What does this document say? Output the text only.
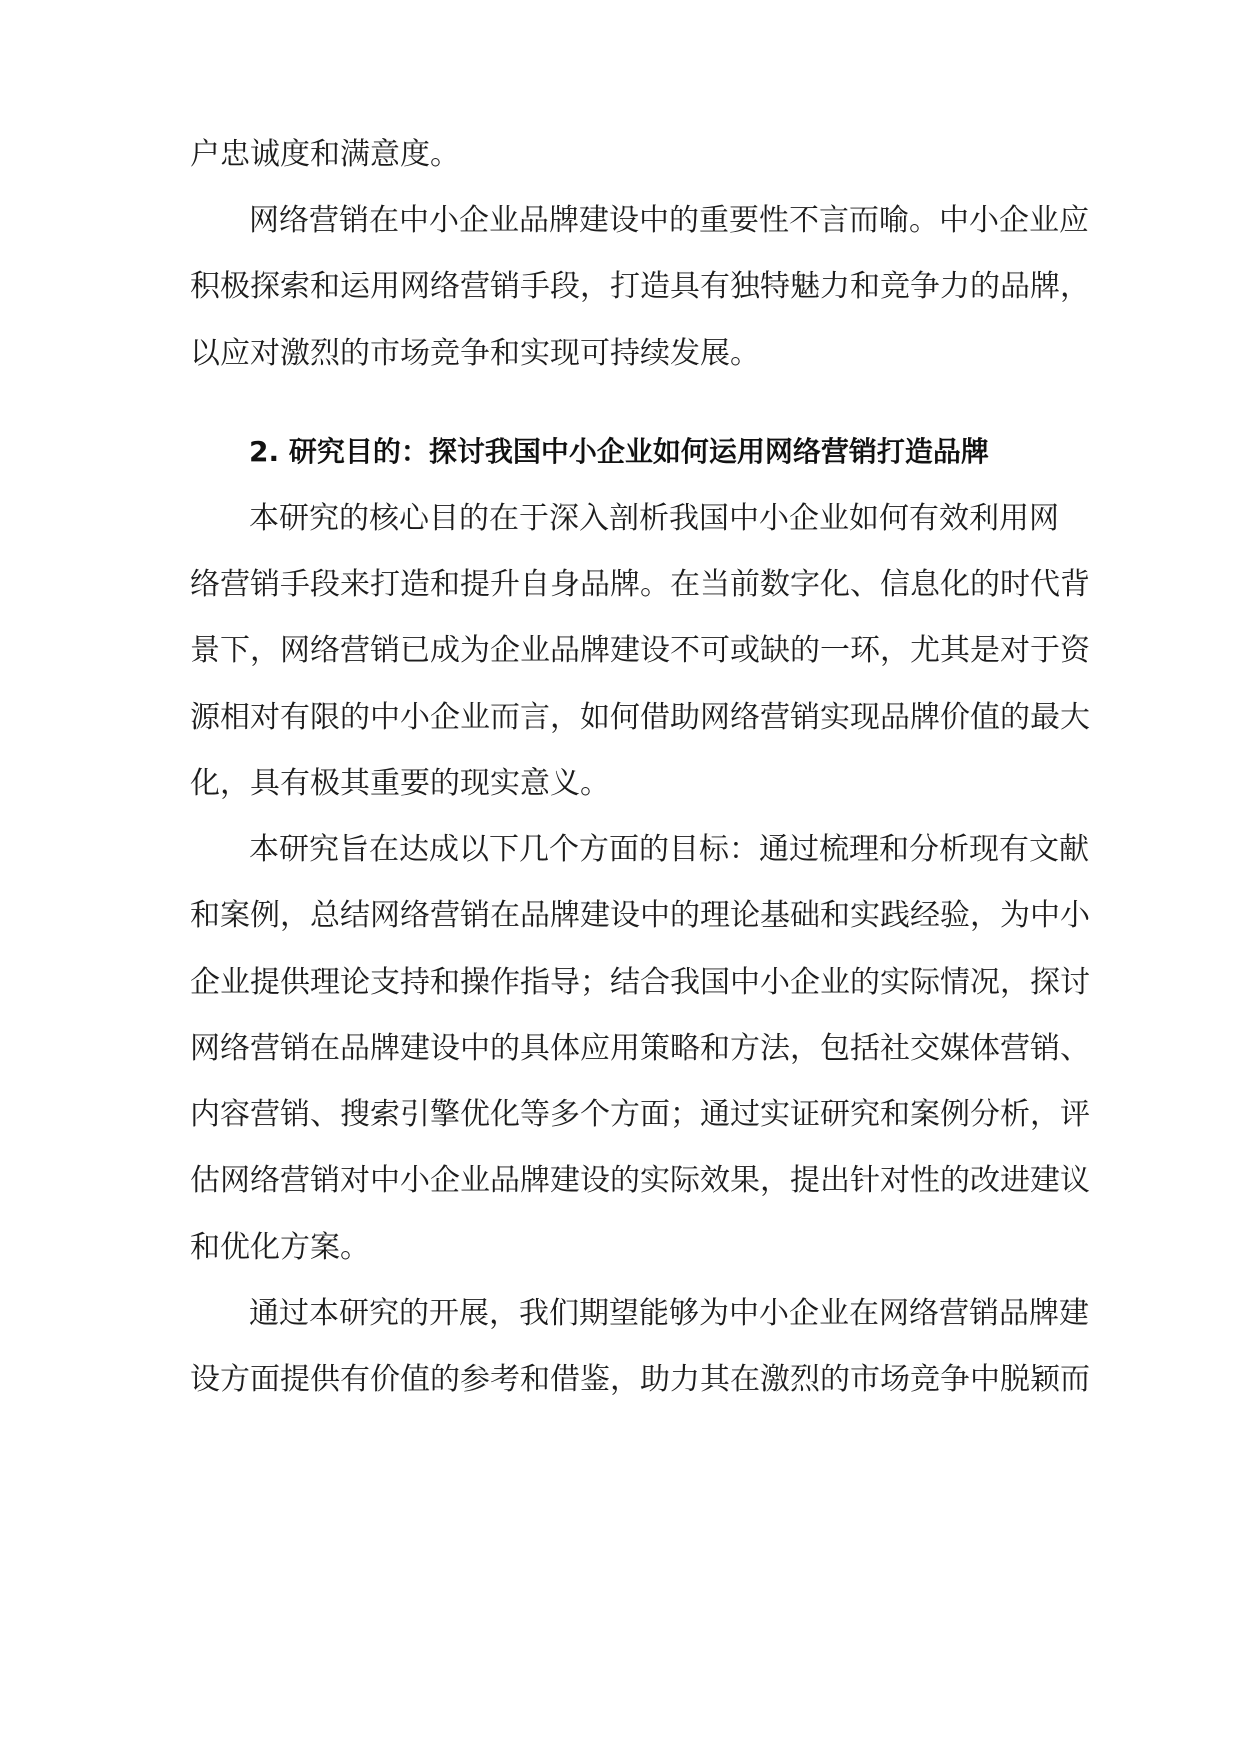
户忠诚度和满意度。

网络营销在中小企业品牌建设中的重要性不言而喻。中小企业应

积极探索和运用网络营销手段，打造具有独特魅力和竞争力的品牌，

以应对激烈的市场竞争和实现可持续发展。

2. 研究目的：探讨我国中小企业如何运用网络营销打造品牌

本研究的核心目的在于深入剖析我国中小企业如何有效利用网

络营销手段来打造和提升自身品牌。在当前数字化、信息化的时代背

景下，网络营销已成为企业品牌建设不可或缺的一环，尤其是对于资

源相对有限的中小企业而言，如何借助网络营销实现品牌价值的最大

化，具有极其重要的现实意义。

本研究旨在达成以下几个方面的目标：通过梳理和分析现有文献

和案例，总结网络营销在品牌建设中的理论基础和实践经验，为中小

企业提供理论支持和操作指导；结合我国中小企业的实际情况，探讨

网络营销在品牌建设中的具体应用策略和方法，包括社交媒体营销、

内容营销、搜索引擎优化等多个方面；通过实证研究和案例分析，评

估网络营销对中小企业品牌建设的实际效果，提出针对性的改进建议

和优化方案。

通过本研究的开展，我们期望能够为中小企业在网络营销品牌建

设方面提供有价值的参考和借鉴，助力其在激烈的市场竞争中脱颖而
